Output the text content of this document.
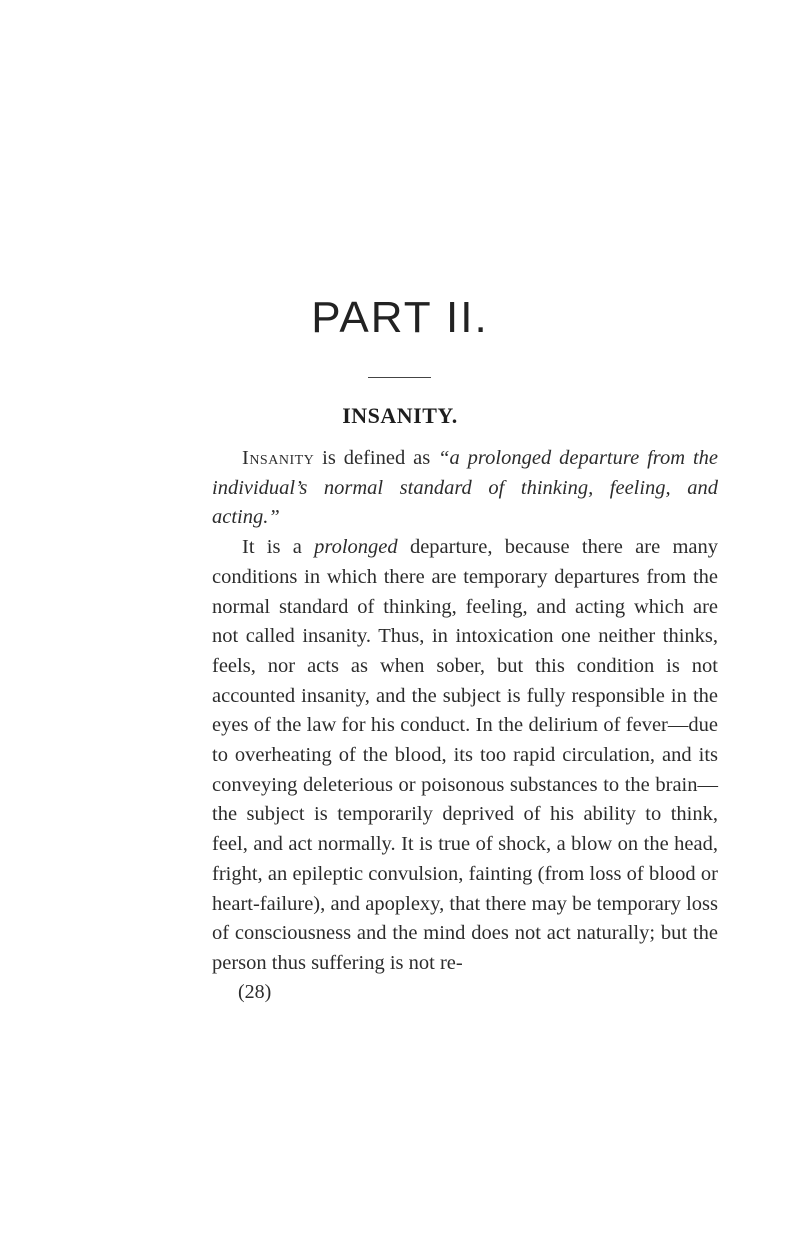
PART II.
INSANITY.

Insanity is defined as “a prolonged departure from the individual’s normal standard of thinking, feeling, and acting.”

It is a prolonged departure, because there are many conditions in which there are temporary departures from the normal standard of thinking, feeling, and acting which are not called insanity. Thus, in intoxication one neither thinks, feels, nor acts as when sober, but this condition is not accounted insanity, and the subject is fully responsible in the eyes of the law for his conduct. In the delirium of fever—due to overheating of the blood, its too rapid circulation, and its conveying deleterious or poisonous substances to the brain—the subject is temporarily deprived of his ability to think, feel, and act normally. It is true of shock, a blow on the head, fright, an epileptic convulsion, fainting (from loss of blood or heart-failure), and apoplexy, that there may be temporary loss of consciousness and the mind does not act naturally; but the person thus suffering is not re-

(28)
